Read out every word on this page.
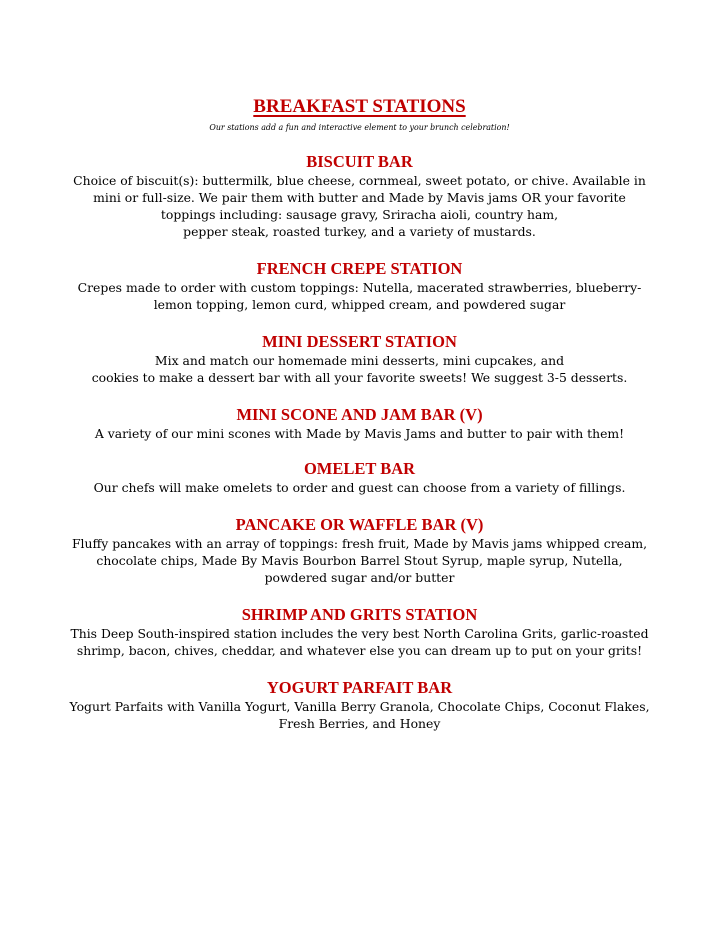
BREAKFAST STATIONS
Our stations add a fun and interactive element to your brunch celebration!
BISCUIT BAR
Choice of biscuit(s): buttermilk, blue cheese, cornmeal, sweet potato, or chive. Available in
mini or full-size. We pair them with butter and Made by Mavis jams OR your favorite
toppings including: sausage gravy, Sriracha aioli, country ham,
pepper steak, roasted turkey, and a variety of mustards.
FRENCH CREPE STATION
Crepes made to order with custom toppings: Nutella, macerated strawberries, blueberry-
lemon topping, lemon curd, whipped cream, and powdered sugar
MINI DESSERT STATION
Mix and match our homemade mini desserts, mini cupcakes, and
cookies to make a dessert bar with all your favorite sweets! We suggest 3-5 desserts.
MINI SCONE AND JAM BAR (V)
A variety of our mini scones with Made by Mavis Jams and butter to pair with them!
OMELET BAR
Our chefs will make omelets to order and guest can choose from a variety of fillings.
PANCAKE OR WAFFLE BAR (V)
Fluffy pancakes with an array of toppings: fresh fruit, Made by Mavis jams whipped cream,
chocolate chips, Made By Mavis Bourbon Barrel Stout Syrup, maple syrup, Nutella,
powdered sugar and/or butter
SHRIMP AND GRITS STATION
This Deep South-inspired station includes the very best North Carolina Grits, garlic-roasted
shrimp, bacon, chives, cheddar, and whatever else you can dream up to put on your grits!
YOGURT PARFAIT BAR
Yogurt Parfaits with Vanilla Yogurt, Vanilla Berry Granola, Chocolate Chips, Coconut Flakes,
Fresh Berries, and Honey
